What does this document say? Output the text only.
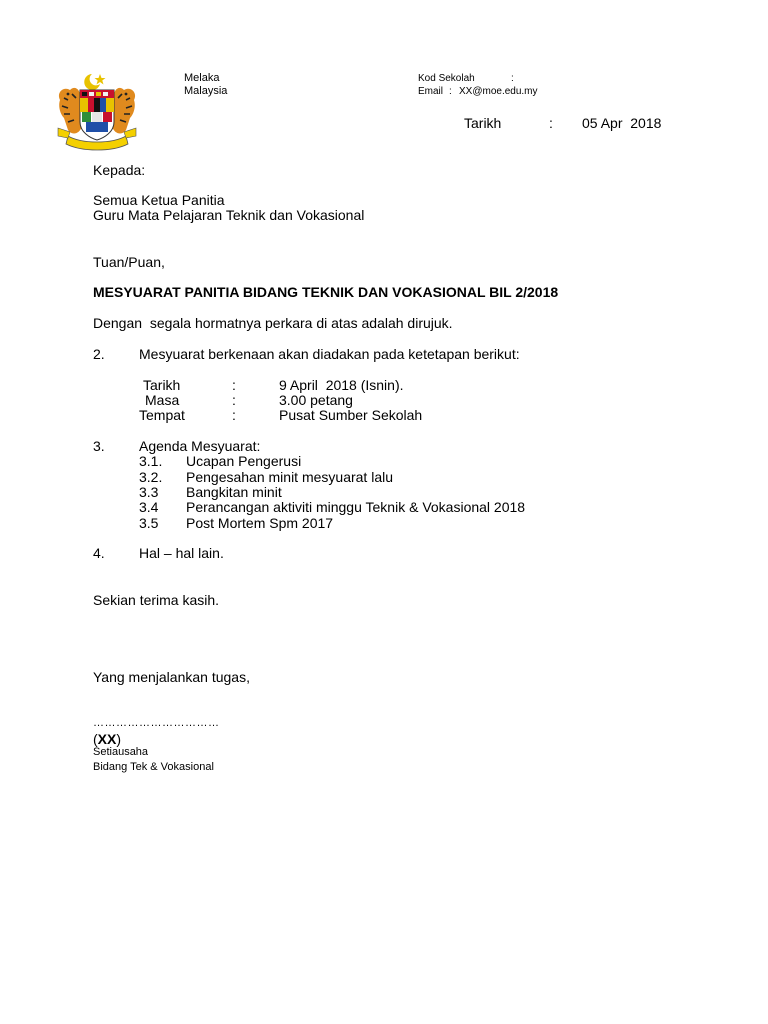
Melaka
Malaysia
Kod Sekolah	:
Email : XX@moe.edu.my
Tarikh	: 05 Apr  2018
Kepada:
Semua Ketua Panitia
Guru Mata Pelajaran Teknik dan Vokasional
Tuan/Puan,
MESYUARAT PANITIA BIDANG TEKNIK DAN VOKASIONAL BIL 2/2018
Dengan  segala hormatnya perkara di atas adalah dirujuk.
2. Mesyuarat berkenaan akan diadakan pada ketetapan berikut:
Tarikh	:	9 April  2018 (Isnin).
Masa	:	3.00 petang
Tempat	:	Pusat Sumber Sekolah
3. Agenda Mesyuarat:
3.1. Ucapan Pengerusi
3.2. Pengesahan minit mesyuarat lalu
3.3 Bangkitan minit
3.4 Perancangan aktiviti minggu Teknik & Vokasional 2018
3.5 Post Mortem Spm 2017
4. Hal – hal lain.
Sekian terima kasih.
Yang menjalankan tugas,
……………………………
(XX)
Setiausaha
Bidang Tek & Vokasional
